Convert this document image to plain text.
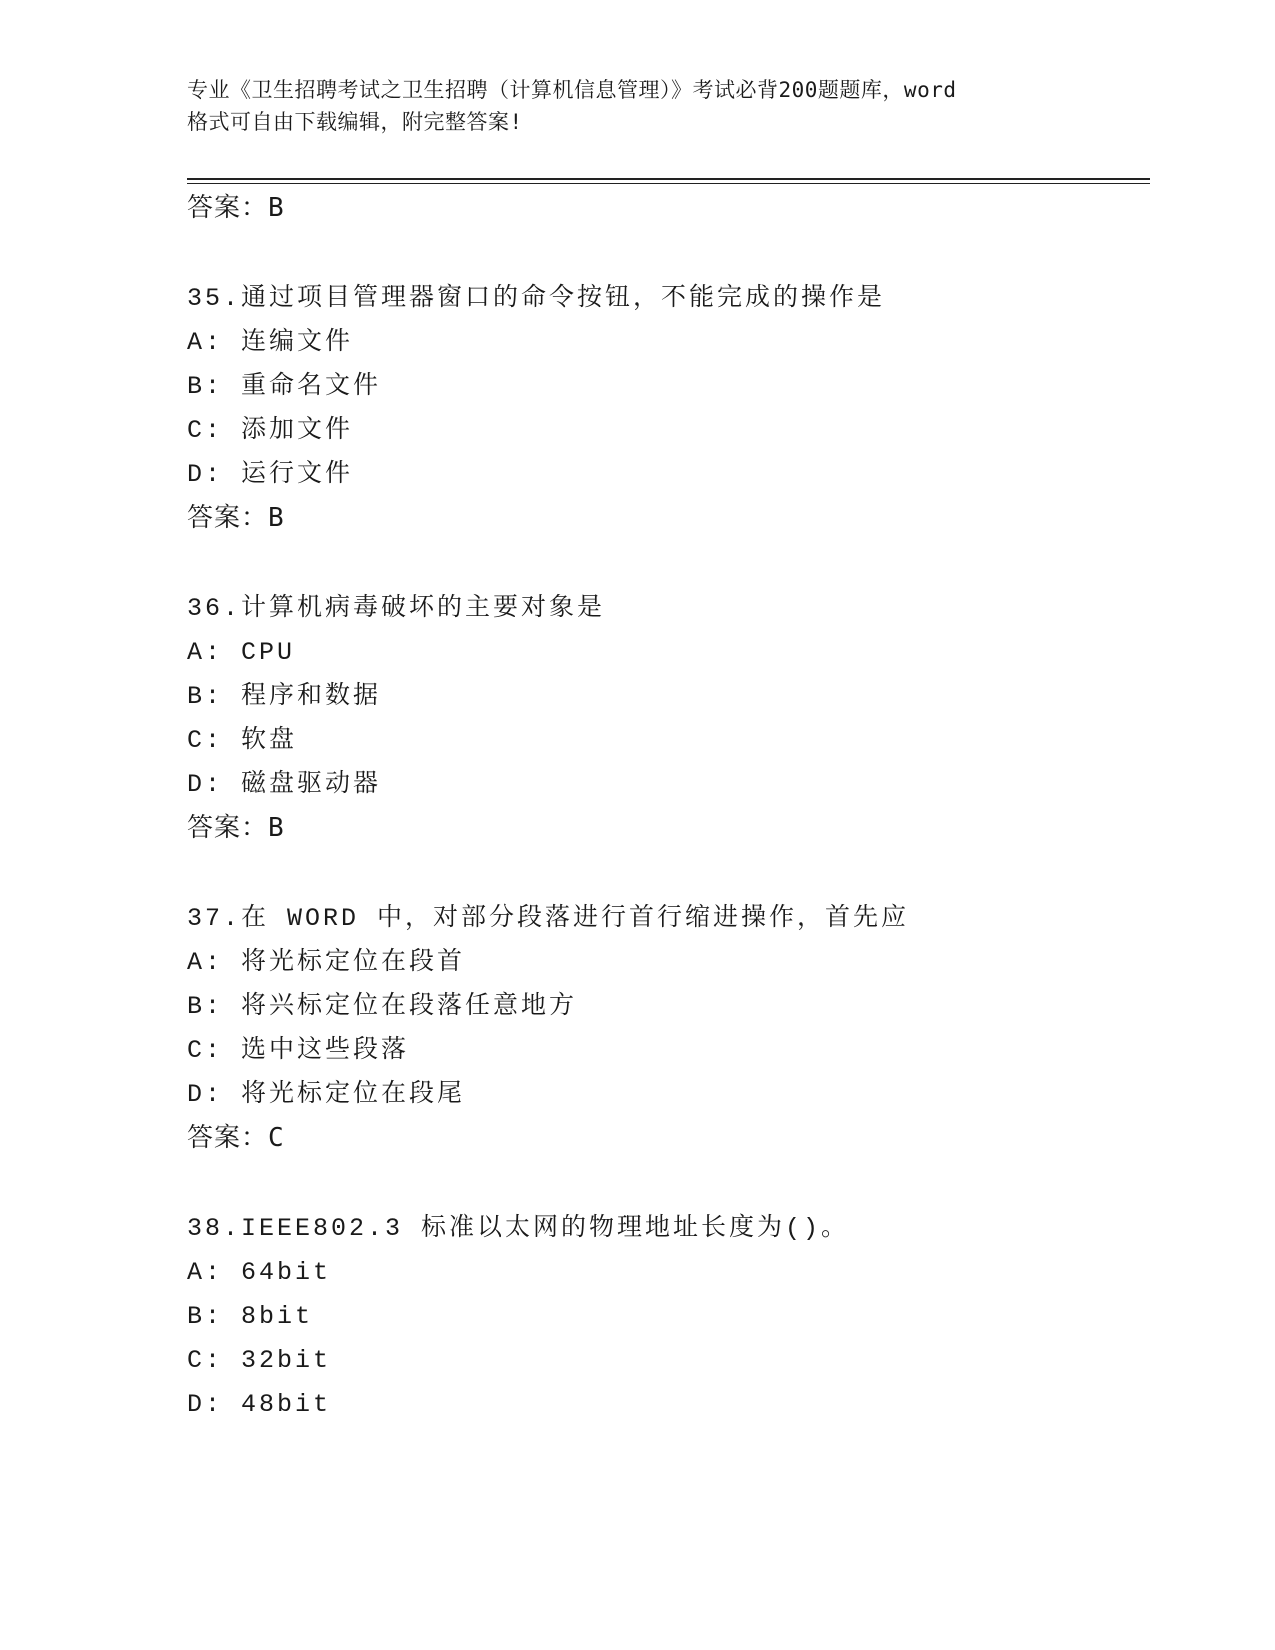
专业《卫生招聘考试之卫生招聘（计算机信息管理）》考试必背200题题库，word
格式可自由下载编辑，附完整答案!
答案：B
35.通过项目管理器窗口的命令按钮，不能完成的操作是
A: 连编文件
B: 重命名文件
C: 添加文件
D: 运行文件
答案：B
36.计算机病毒破坏的主要对象是
A: CPU
B: 程序和数据
C: 软盘
D: 磁盘驱动器
答案：B
37.在 WORD 中，对部分段落进行首行缩进操作，首先应
A: 将光标定位在段首
B: 将兴标定位在段落任意地方
C: 选中这些段落
D: 将光标定位在段尾
答案：C
38.IEEE802.3 标准以太网的物理地址长度为()。
A: 64bit
B: 8bit
C: 32bit
D: 48bit
